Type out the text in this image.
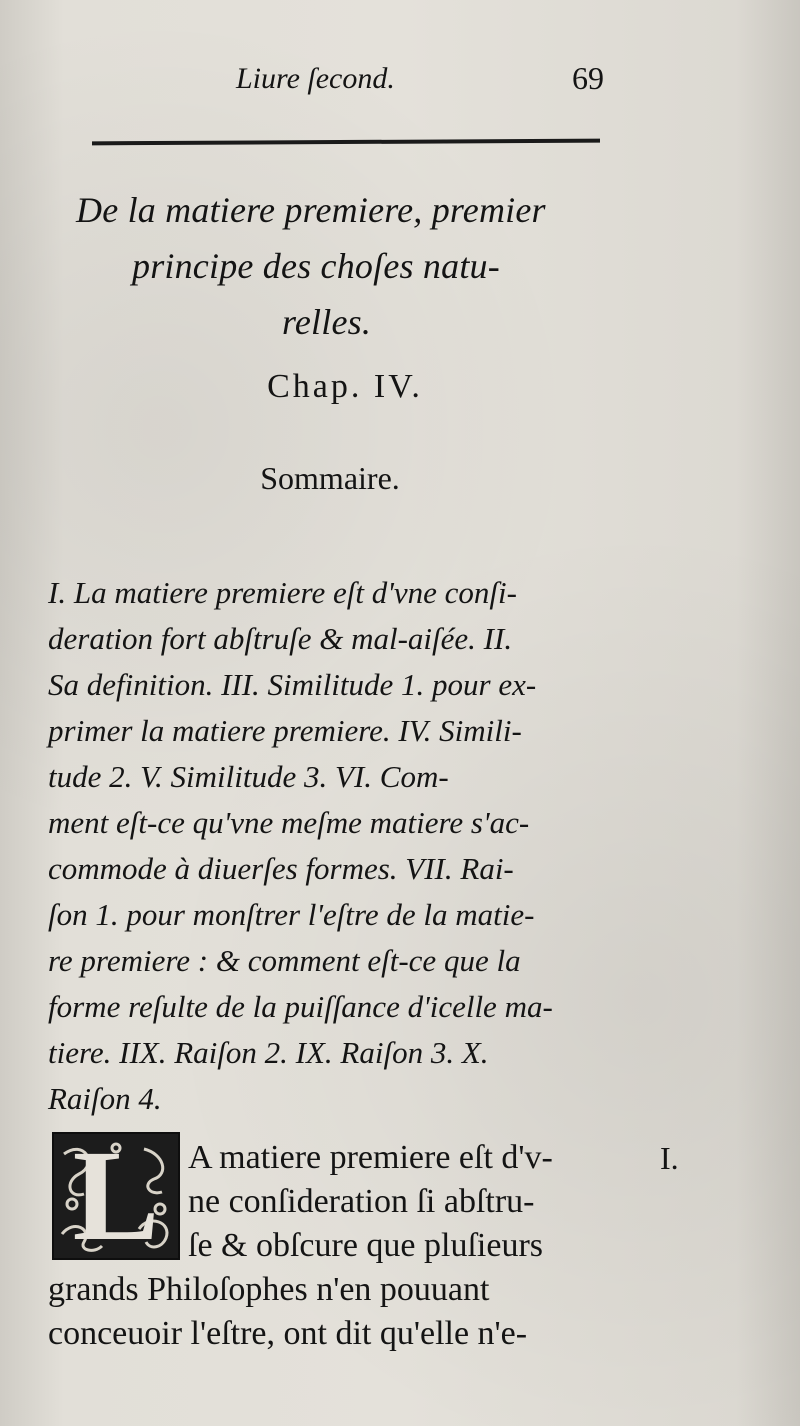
Liure ſecond.	69
De la matiere premiere, premier
principe des choſes natu-
relles.
Chap. IV.
Sommaire.
I. La matiere premiere eſt d'vne conſi-
deration fort abſtruſe & mal-aiſée. II.
Sa definition. III. Similitude 1. pour ex-
primer la matiere premiere. IV. Simili-
tude 2. V. Similitude 3. VI. Com-
ment eſt-ce qu'vne meſme matiere s'ac-
commode à diuerſes formes. VII. Rai-
ſon 1. pour monſtrer l'eſtre de la matie-
re premiere : & comment eſt-ce que la
forme reſulte de la puiſſance d'icelle ma-
tiere. IIX. Raiſon 2. IX. Raiſon 3. X.
Raiſon 4.
L A matiere premiere eſt d'v-
ne conſideration ſi abſtru-
ſe & obſcure que pluſieurs
grands Philoſophes n'en pouuant
conceuoir l'eſtre, ont dit qu'elle n'e-
I.
